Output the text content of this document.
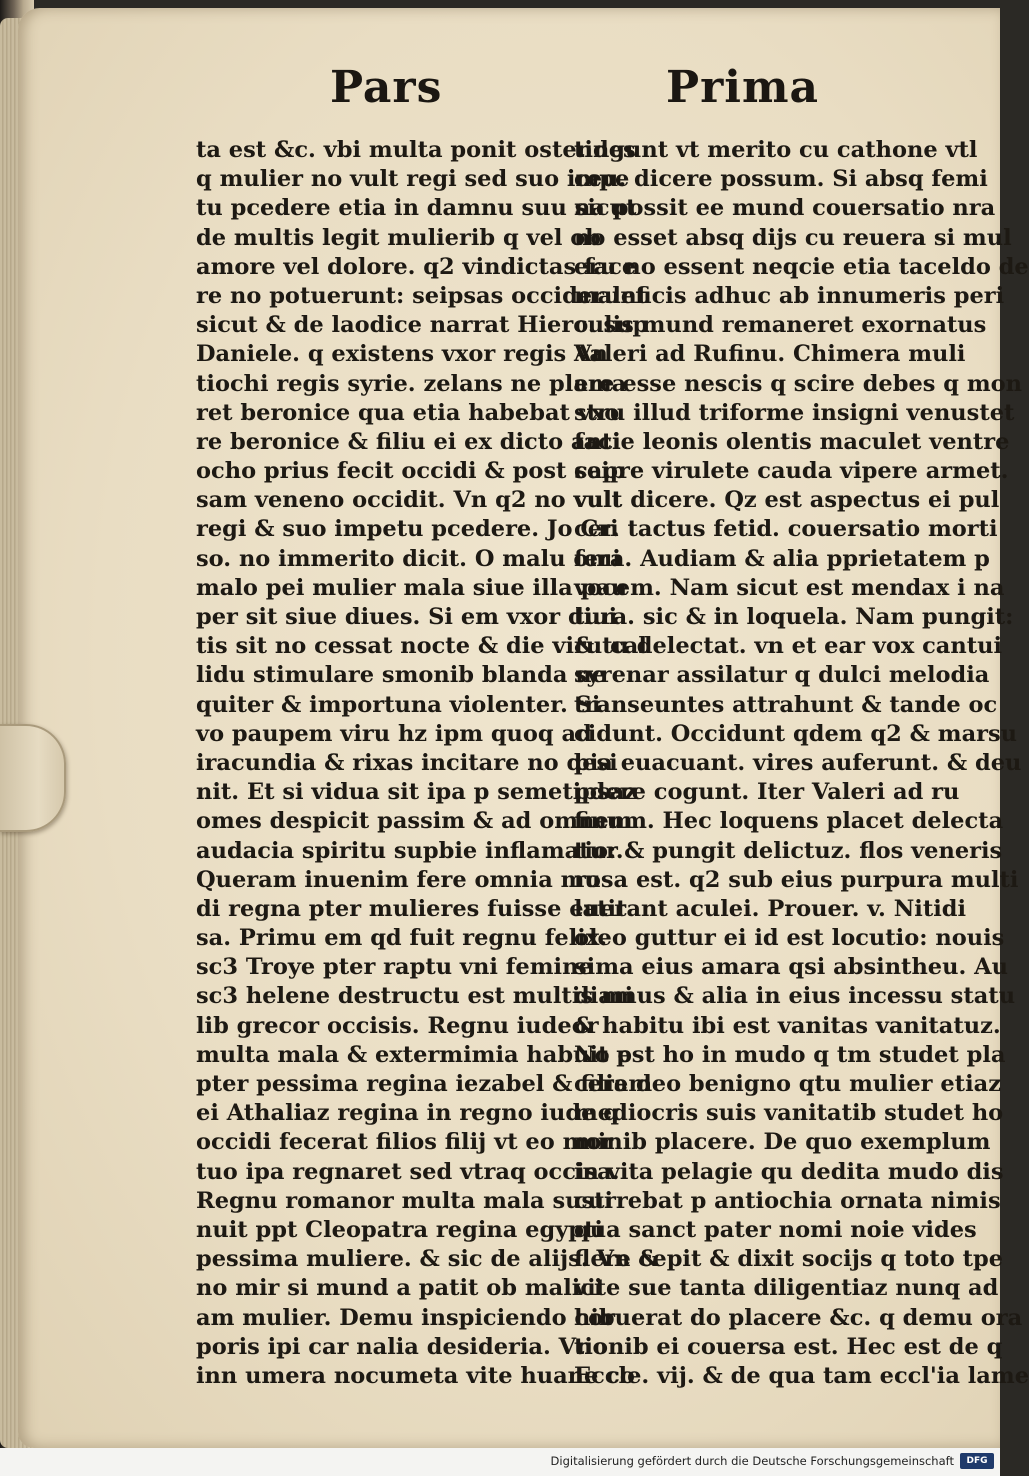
Pars	Prima
ta est &c. vbi multa ponit ostendes
q mulier no vult regi sed suo impe
tu pcedere etia in damnu suu sicut
de multis legit mulierib q vel ob
amore vel dolore. q2 vindictas face
re no potuerunt: seipsas occiderunt
sicut & de laodice narrat Hiero. sup
Daniele. q existens vxor regis An
tiochi regis syrie. zelans ne plama
ret beronice qua etia habebat vxo
re beronice & filiu ei ex dicto anti
ocho prius fecit occidi & post seip
sam veneno occidit. Vn q2 no vult
regi & suo impetu pcedere. Jo Cri
so. no immerito dicit. O malu omi
malo pei mulier mala siue illa pau
per sit siue diues. Si em vxor diui
tis sit no cessat nocte & die viru cal
lidu stimulare smonib blanda ne
quiter & importuna violenter. Si
vo paupem viru hz ipm quoq ad
iracundia & rixas incitare no desi
nit. Et si vidua sit ipa p semetipsaz
omes despicit passim & ad omnem
audacia spiritu supbie inflamatur.
Queram inuenim fere omnia mu
di regna pter mulieres fuisse euer
sa. Primu em qd fuit regnu felix.
sc3 Troye pter raptu vni femine
sc3 helene destructu est multis mi
lib grecor occisis. Regnu iudeor
multa mala & extermimia habuit p
pter pessima regina iezabel & filiam
ei Athaliaz regina in regno iude q
occidi fecerat filios filij vt eo mor
tuo ipa regnaret sed vtraq occisa.
Regnu romanor multa mala susti
nuit ppt Cleopatra regina egypti
pessima muliere. & sic de alijs. Vn &
no mir si mund a patit ob malici
am mulier. Demu inspiciendo cor
poris ipi car nalia desideria. Vno
inn umera nocumeta vite huane co
tingunt vt merito cu cathone vtl
ceu. dicere possum. Si absq femi
na possit ee mund couersatio nra
no esset absq dijs cu reuera si mul
eru no essent neqcie etia taceldo de
maleficis adhuc ab innumeris peri
culis mund remaneret exornatus
Valeri ad Rufinu. Chimera muli
ere esse nescis q scire debes q mon
stru illud triforme insigni venustet
facie leonis olentis maculet ventre
capre virulete cauda vipere armet.
vult dicere. Qz est aspectus ei pul
cer. tactus fetid. couersatio morti
fera. Audiam & alia pprietatem p
vocem. Nam sicut est mendax i na
tura. sic & in loquela. Nam pungit:
& tu delectat. vn et ear vox cantui
syrenar assilatur q dulci melodia
transeuntes attrahunt & tande oc
cidunt. Occidunt qdem q2 & marsu
pia euacuant. vires auferunt. & deu
pdere cogunt. Iter Valeri ad ru
finum. Hec loquens placet delecta
tio: & pungit delictuz. flos veneris
rosa est. q2 sub eius purpura multi
latitant aculei. Prouer. v. Nitidi
oleo guttur ei id est locutio: nouis
sima eius amara qsi absintheu. Au
diamus & alia in eius incessu statu
& habitu ibi est vanitas vanitatuz.
No est ho in mudo q tm studet pla
cere deo benigno qtu mulier etiaz
mediocris suis vanitatib studet ho
minib placere. De quo exemplum
in vita pelagie qu dedita mudo dis
currebat p antiochia ornata nimis
qua sanct pater nomi noie vides
flere cepit & dixit socijs q toto tpe
vite sue tanta diligentiaz nunq ad
hibuerat do placere &c. q demu ora
tionib ei couersa est. Hec est de q
Eccle. vij. & de qua tam eccl'ia lame
Digitalisierung gefördert durch die Deutsche Forschungsgemeinschaft	DFG
